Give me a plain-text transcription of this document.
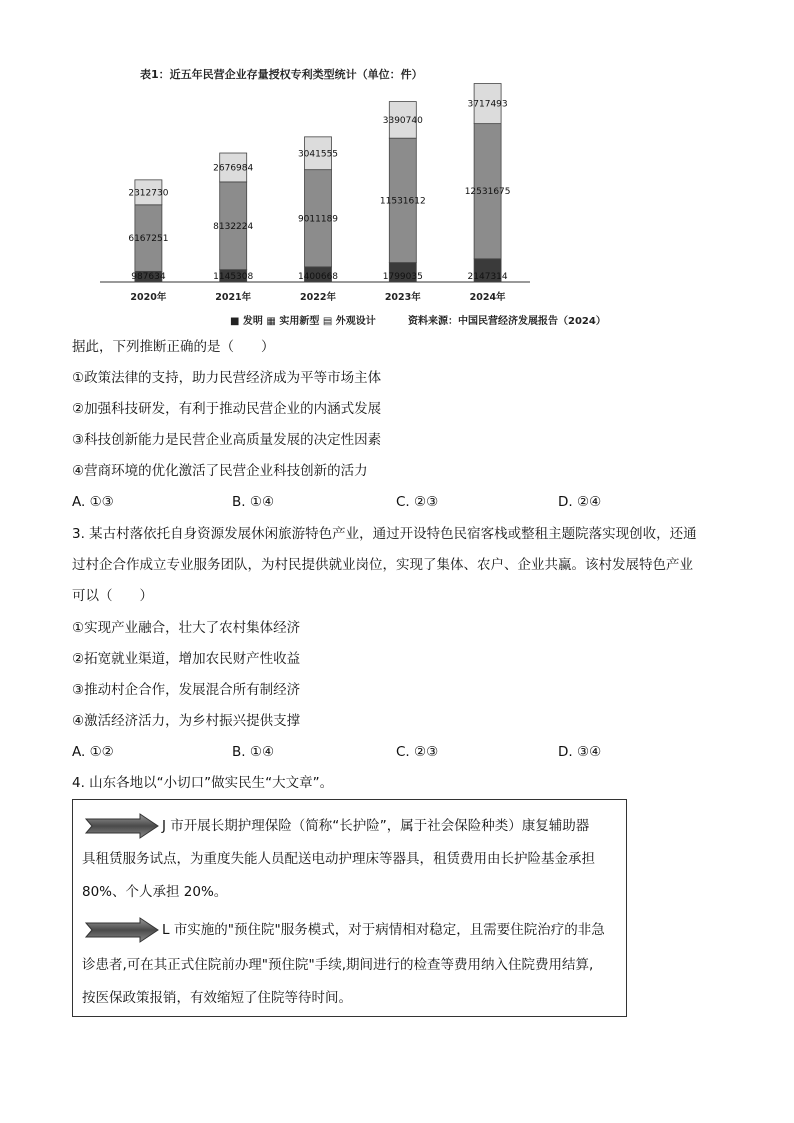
表1：近五年民营企业存量授权专利类型统计（单位：件）
987634
6167251
2312730
2020年
1145308
8132224
2676984
2021年
1400668
9011189
3041555
2022年
1799035
11531612
3390740
2023年
2147314
12531675
3717493
2024年
■ 发明 ▦ 实用新型 ▤ 外观设计	资料来源：中国民营经济发展报告（2024）
据此，下列推断正确的是（　　）
①政策法律的支持，助力民营经济成为平等市场主体
②加强科技研发，有利于推动民营企业的内涵式发展
③科技创新能力是民营企业高质量发展的决定性因素
④营商环境的优化激活了民营企业科技创新的活力
A. ①③	B. ①④	C. ②③	D. ②④
3. 某古村落依托自身资源发展休闲旅游特色产业，通过开设特色民宿客栈或整租主题院落实现创收，还通
过村企合作成立专业服务团队，为村民提供就业岗位，实现了集体、农户、企业共赢。该村发展特色产业
可以（　　）
①实现产业融合，壮大了农村集体经济
②拓宽就业渠道，增加农民财产性收益
③推动村企合作，发展混合所有制经济
④激活经济活力，为乡村振兴提供支撑
A. ①②	B. ①④	C. ②③	D. ③④
4. 山东各地以“小切口”做实民生“大文章”。
J 市开展长期护理保险（简称“长护险”，属于社会保险种类）康复辅助器
具租赁服务试点，为重度失能人员配送电动护理床等器具，租赁费用由长护险基金承担
80%、个人承担 20%。
L 市实施的"预住院"服务模式，对于病情相对稳定，且需要住院治疗的非急
诊患者,可在其正式住院前办理"预住院"手续,期间进行的检查等费用纳入住院费用结算,
按医保政策报销，有效缩短了住院等待时间。
